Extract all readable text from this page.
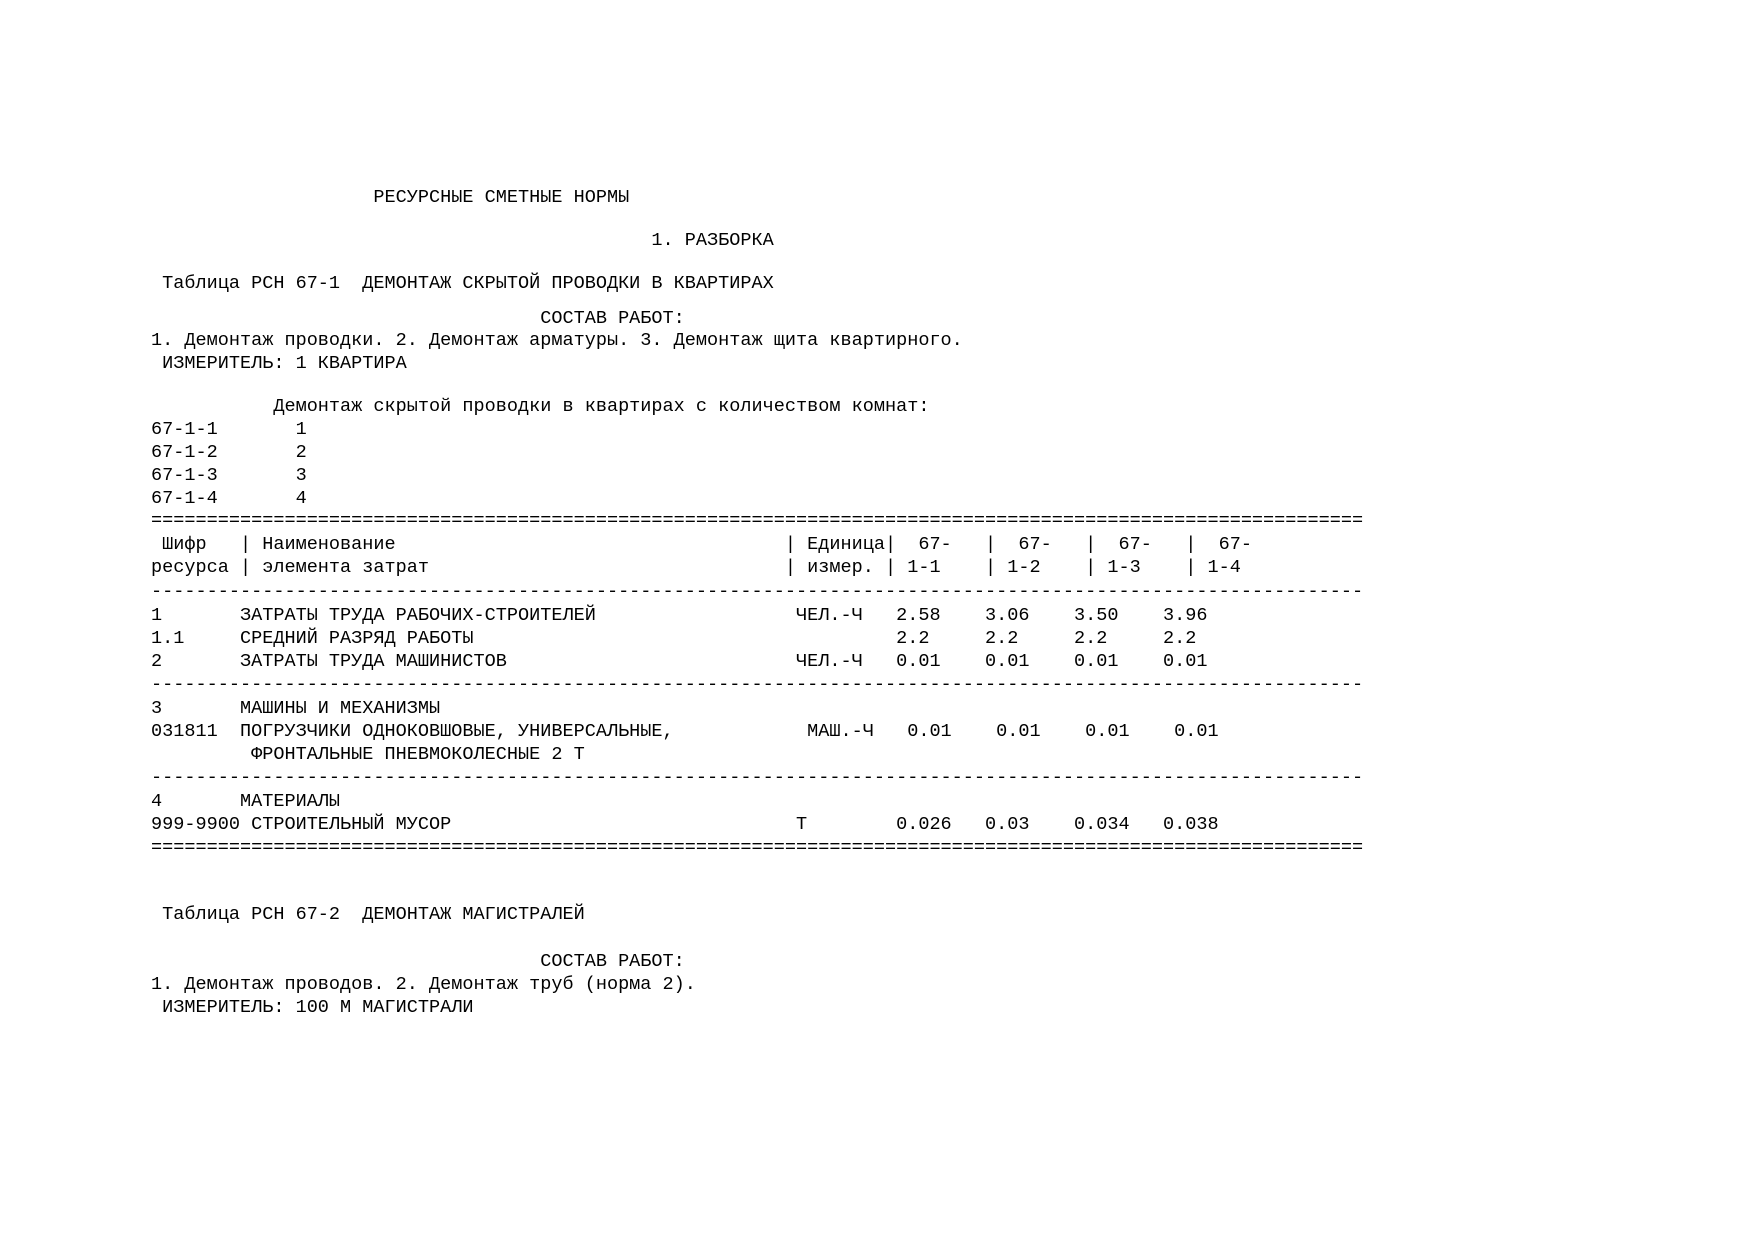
РЕСУРСНЫЕ СМЕТНЫЕ НОРМЫ
1. РАЗБОРКА
Таблица РСН 67-1  ДЕМОНТАЖ СКРЫТОЙ ПРОВОДКИ В КВАРТИРАХ
СОСТАВ РАБОТ:
1. Демонтаж проводки. 2. Демонтаж арматуры. 3. Демонтаж щита квартирного.
ИЗМЕРИТЕЛЬ: 1 КВАРТИРА
Демонтаж скрытой проводки в квартирах с количеством комнат:
67-1-1       1
67-1-2       2
67-1-3       3
67-1-4       4
=============================================================================================================
Шифр   | Наименование                                   | Единица|  67-   |  67-   |  67-   |  67-
ресурса | элемента затрат                                | измер. | 1-1    | 1-2    | 1-3    | 1-4
-------------------------------------------------------------------------------------------------------------
1       ЗАТРАТЫ ТРУДА РАБОЧИХ-СТРОИТЕЛЕЙ                  ЧЕЛ.-Ч   2.58    3.06    3.50    3.96
1.1     СРЕДНИЙ РАЗРЯД РАБОТЫ                                      2.2     2.2     2.2     2.2
2       ЗАТРАТЫ ТРУДА МАШИНИСТОВ                          ЧЕЛ.-Ч   0.01    0.01    0.01    0.01
-------------------------------------------------------------------------------------------------------------
3       МАШИНЫ И МЕХАНИЗМЫ
031811  ПОГРУЗЧИКИ ОДНОКОВШОВЫЕ, УНИВЕРСАЛЬНЫЕ,            МАШ.-Ч   0.01    0.01    0.01    0.01
ФРОНТАЛЬНЫЕ ПНЕВМОКОЛЕСНЫЕ 2 Т
-------------------------------------------------------------------------------------------------------------
4       МАТЕРИАЛЫ
999-9900 СТРОИТЕЛЬНЫЙ МУСОР                               Т        0.026   0.03    0.034   0.038
=============================================================================================================
Таблица РСН 67-2  ДЕМОНТАЖ МАГИСТРАЛЕЙ
СОСТАВ РАБОТ:
1. Демонтаж проводов. 2. Демонтаж труб (норма 2).
ИЗМЕРИТЕЛЬ: 100 М МАГИСТРАЛИ
